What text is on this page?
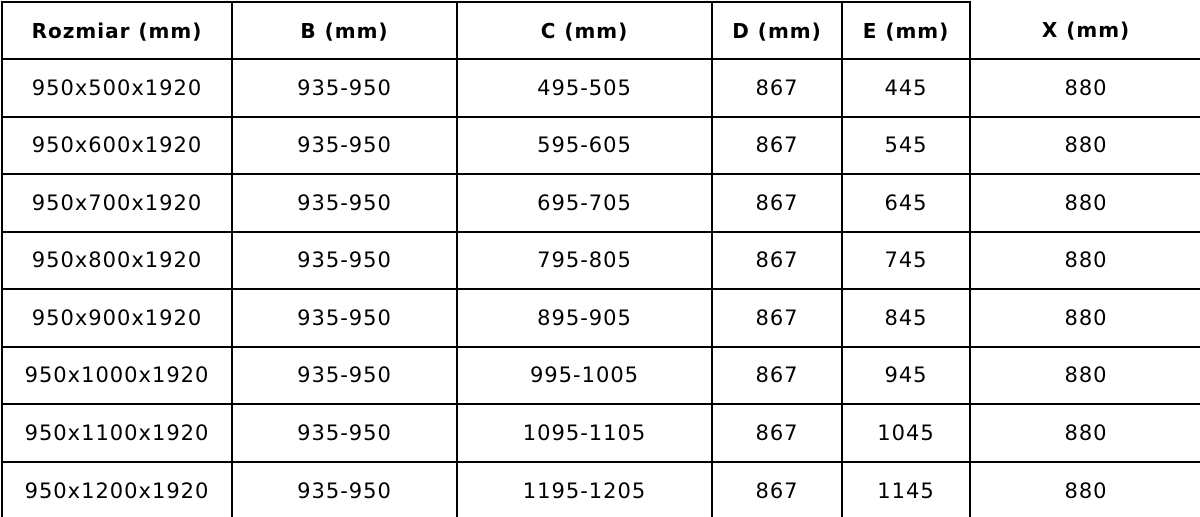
Rozmiar (mm)	B (mm)	C (mm)	D (mm)	E (mm)	X (mm)
950x500x1920	935-950	495-505	867	445	880
950x600x1920	935-950	595-605	867	545	880
950x700x1920	935-950	695-705	867	645	880
950x800x1920	935-950	795-805	867	745	880
950x900x1920	935-950	895-905	867	845	880
950x1000x1920	935-950	995-1005	867	945	880
950x1100x1920	935-950	1095-1105	867	1045	880
950x1200x1920	935-950	1195-1205	867	1145	880
